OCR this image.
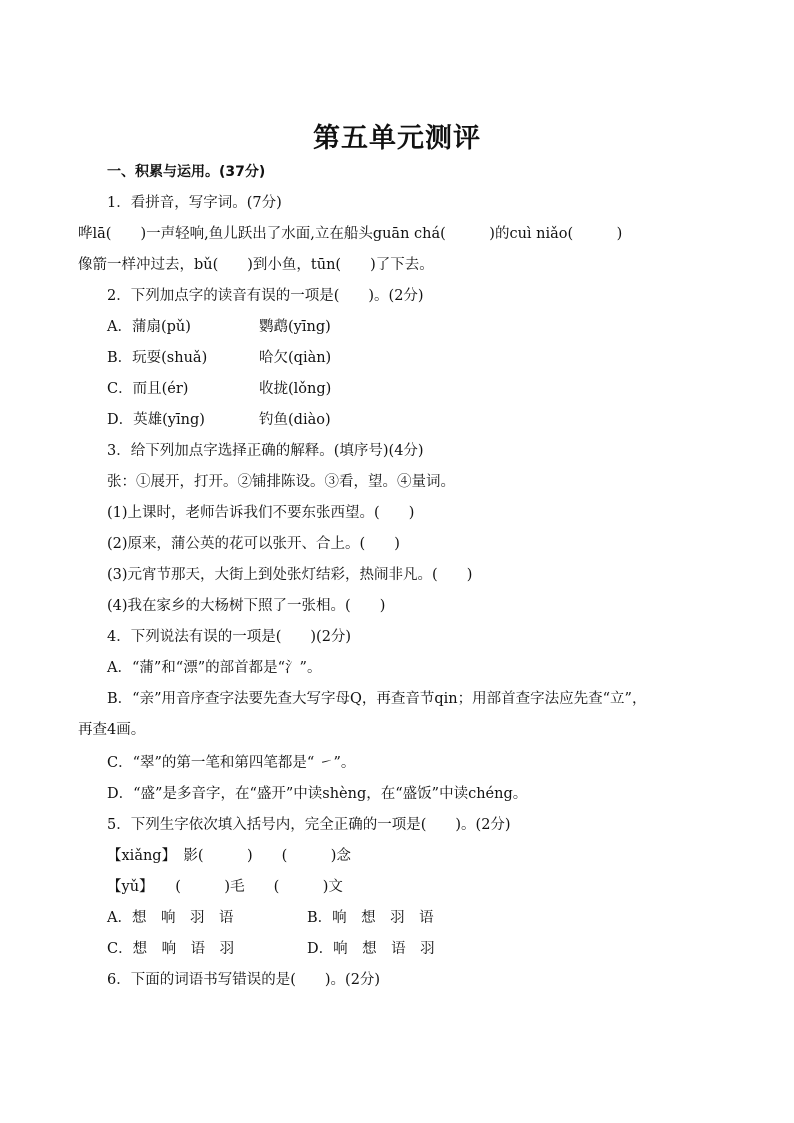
第五单元测评
一、积累与运用。(37分)
1．看拼音，写字词。(7分)
哗lā(　　)一声轻响,鱼儿跃出了水面,立在船头guān chá(　　　)的cuì niǎo(　　　)
像箭一样冲过去，bǔ(　　)到小鱼，tūn(　　)了下去。
2．下列加点字的读音有误的一项是(　　)。(2分)
A．蒲扇(pǔ)	鹦鹉(yīng)
B．玩耍(shuǎ)	哈欠(qiàn)
C．而且(ér)	收拢(lǒng)
D．英雄(yīng)	钓鱼(diào)
3．给下列加点字选择正确的解释。(填序号)(4分)
张：①展开，打开。②铺排陈设。③看，望。④量词。
(1)上课时，老师告诉我们不要东张西望。(　　)
(2)原来，蒲公英的花可以张开、合上。(　　)
(3)元宵节那天，大街上到处张灯结彩，热闹非凡。(　　)
(4)我在家乡的大杨树下照了一张相。(　　)
4．下列说法有误的一项是(　　)(2分)
A．“蒲”和“漂”的部首都是“氵”。
B．“亲”用音序查字法要先查大写字母Q，再查音节qin；用部首查字法应先查“立”，
再查4画。
C．“翠”的第一笔和第四笔都是“ ㇀”。
D．“盛”是多音字，在“盛开”中读shèng，在“盛饭”中读chéng。
5．下列生字依次填入括号内，完全正确的一项是(　　)。(2分)
【xiǎng】　影(　　　)　　(　　　)念
【yǔ】　　(　　　)毛　　(　　　)文
A．想　响　羽　语	B．响　想　羽　语
C．想　响　语　羽	D．响　想　语　羽
6．下面的词语书写错误的是(　　)。(2分)
